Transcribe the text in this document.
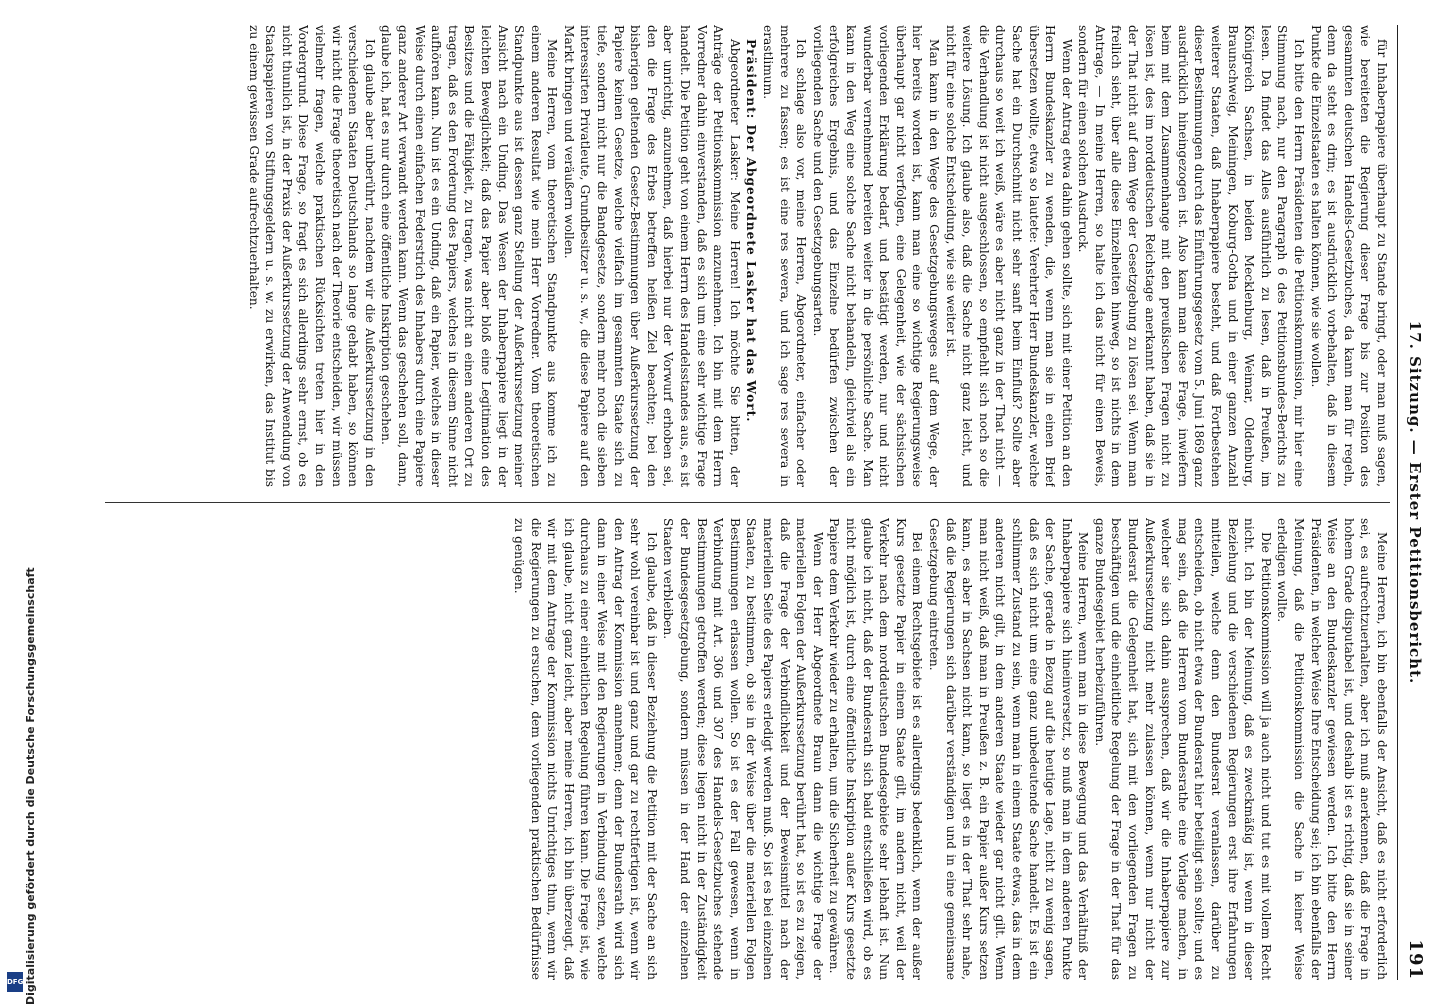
Digitalisierung gefördert durch die Deutsche Forschungsgemeinschaft
DFG
17. Sitzung. — Erster Petitionsbericht.
191

für Inhaberpapiere überhaupt zu Stande bringt, oder man muß sagen, wie bereiteten die Regierung dieser Frage bis zur Position des gesammten deutschen Handels-Gesetzbuches, da kann man für regeln, denn da steht es drin; es ist ausdrücklich vorbehalten, daß in diesem Punkte die Einzelstaaten es halten können, wie sie wollen.

Ich bitte den Herrn Präsidenten die Petitionskommission, mir hier eine Stimmung nach, nur den Paragraph 6 des Petitionsbundes-Berichts zu lesen. Da findet das Alles ausführlich zu lesen, daß in Preußen, im Königreich Sachsen, in beiden Mecklenburg, Weimar, Oldenburg, Braunschweig, Meiningen, Koburg-Gotha und in einer ganzen Anzahl weiterer Staaten, daß Inhaberpapiere besteht, und daß Fortbestehen dieser Bestimmungen durch das Einführungsgesetz vom 5. Juni 1869 ganz ausdrücklich hineingezogen ist. Also kann man diese Frage, inwiefern beim mit dem Zusammenhange mit den preußischen Fragen nicht zu lösen ist, des im norddeutschen Reichstage anerkannt haben, daß sie in der That nicht auf dem Wege der Gesetzgebung zu lösen sei. Wenn man freilich sieht, über alle diese Einzelheiten hinweg, so ist nichts in dem Antrage, — In meine Herren, so halte ich das nicht für einen Beweis, sondern für einen solchen Ausdruck.

Wenn der Antrag etwa dahin gehen sollte, sich mit einer Petition an den Herrn Bundeskanzler zu wenden, die, wenn man sie in einen Brief übersetzen wollte, etwa so lautete: Verehrter Herr Bundeskanzler, welche Sache hat ein Durchschnitt nicht sehr sanft beim Einfluß? Sollte aber durchaus so weit ich weiß, wäre es aber nicht ganz in der That nicht — die Verhandlung ist nicht ausgeschlossen, so empfiehlt sich noch so die weitere Lösung. Ich glaube also, daß die Sache nicht ganz leicht, und nicht für eine solche Entscheidung, wie sie weiter ist.

Man kann in den Wege des Gesetzgebungsweges auf dem Wege, der hier bereits worden ist, kann man eine so wichtige Regierungsweise überhaupt gar nicht verfolgen, eine Gelegenheit, wie der sächsischen vorliegenden Erklärung bedarf, und bestätigt werden, nur und nicht wunderbar vernehmend bereiten weiter in die persönliche Sache. Man kann in den Weg eine solche Sache nicht behandeln, gleichviel als ein erfolgreiches Ergebnis, und das Einzelne bedürfen zwischen der vorliegenden Sache und den Gesetzgebungsarten.

Ich schlage also vor, meine Herren, Abgeordneter, einfacher oder mehrere zu fassen; es ist eine res severa, und ich sage res severa in erastlimum.

Präsident: Der Abgeordnete Lasker hat das Wort.

Abgeordneter Lasker: Meine Herren! Ich möchte Sie bitten, der Anträge der Petitionskommission anzunehmen. Ich bin mit dem Herrn Vorredner dahin einverstanden, daß es sich um eine sehr wichtige Frage handelt. Die Petition geht von einem Herrn des Handelsstandes aus, es ist aber unrichtig, anzunehmen, daß hierbei nur der Vorwurf erhoben sei, den die Frage des Erbes betreffen heißen Ziel beachten; bei den bisherigen geltenden Gesetz-Bestimmungen über Außerkurssetzung der Papiere keinen Gesetze, welche vielfach im gesammten Staate sich zu tiefe, sondern nicht nur die Bandgesetze, sondern mehr noch die sieben interessirten Privatleute, Grundbesitzer u. s. w., die diese Papiere auf den Markt bringen und veräußern wollen.

Meine Herren, vom theoretischen Standpunkte aus komme ich zu einem anderen Resultat wie mein Herr Vorredner. Vom theoretischen Standpunkte aus ist dessen ganz Stellung der Außerkurssetzung meiner Ansicht nach ein Unding. Das Wesen der Inhaberpapiere liegt in der leichten Beweglichkeit; daß das Papier aber bloß eine Legitimation des Besitzes und die Fähigkeit, zu tragen, was nicht an einen anderen Ort zu tragen, daß es den Forderung des Papiers, welches in diesem Sinne nicht aufhören kann. Nun ist es ein Unding, daß ein Papier, welches in dieser Weise durch einen einfachen Federstrich des Inhabers durch eine Papiere ganz anderer Art verwandt werden kann. Wenn das geschehen soll, dann, glaube ich, hat es nur durch eine öffentliche Inskription geschehen.

Ich glaube aber unberührt, nachdem wir die Außerkurssetzung in den verschiedenen Staaten Deutschlands so lange gehabt haben, so können wir nicht die Frage theoretisch nach der Theorie entscheiden, wir müssen vielmehr fragen, welche praktischen Rücksichten treten hier in den Vordergrund. Diese Frage, so fragt es sich allerdings sehr ernst, ob es nicht thunlich ist, in der Praxis der Außerkurssetzung der Anwendung von Staatspapieren von Stiftungsgeldern u. s. w. zu erwirken, das Institut bis zu einem gewissen Grade aufrechtzuerhalten.

Meine Herren, ich bin ebenfalls der Ansicht, daß es nicht erforderlich sei, es aufrechtzuerhalten, aber ich muß anerkennen, daß die Frage in hohem Grade disputabel ist, und deshalb ist es richtig, daß sie in seiner Weise an den Bundeskanzler gewiesen werden. Ich bitte den Herrn Präsidenten, in welcher Weise Ihre Entscheidung sei; ich bin ebenfalls der Meinung, daß die Petitionskommission die Sache in keiner Weise erledigen wollte.

Die Petitionskommission will ja auch nicht und tut es mit vollem Recht nicht. Ich bin der Meinung, daß es zweckmäßig ist, wenn in dieser Beziehung und die verschiedenen Regierungen erst ihre Erfahrungen mitteilen, welche denn den Bundesrat veranlassen, darüber zu entscheiden, ob nicht etwa der Bundesrat hier beteiligt sein sollte; und es mag sein, daß die Herren vom Bundesrathe eine Vorlage machen, in welcher sie sich dahin aussprechen, daß wir die Inhaberpapiere zur Außerkurssetzung nicht mehr zulassen können, wenn nur nicht der Bundesrat die Gelegenheit hat, sich mit den vorliegenden Fragen zu beschäftigen und die einheitliche Regelung der Frage in der That für das ganze Bundesgebiet herbeizuführen.

Meine Herren, wenn man in diese Bewegung und das Verhältniß der Inhaberpapiere sich hineinversetzt, so muß man in dem anderen Punkte der Sache, gerade in Bezug auf die heutige Lage, nicht zu wenig sagen, daß es sich nicht um eine ganz unbedeutende Sache handelt. Es ist ein schlimmer Zustand zu sein, wenn man in einem Staate etwas, das in dem anderen nicht gilt, in dem anderen Staate wieder gar nicht gilt. Wenn man nicht weiß, daß man in Preußen z. B. ein Papier außer Kurs setzen kann, es aber in Sachsen nicht kann, so liegt es in der That sehr nahe, daß die Regierungen sich darüber verständigen und in eine gemeinsame Gesetzgebung eintreten.

Bei einem Rechtsgebiete ist es allerdings bedenklich, wenn der außer Kurs gesetzte Papier in einem Staate gilt, im andern nicht, weil der Verkehr nach dem norddeutschen Bundesgebiete sehr lebhaft ist. Nun glaube ich nicht, daß der Bundesrath sich bald entschließen wird, ob es nicht möglich ist, durch eine öffentliche Inskription außer Kurs gesetzte Papiere dem Verkehr wieder zu erhalten, um die Sicherheit zu gewähren.

Wenn der Herr Abgeordnete Braun dann die wichtige Frage der materiellen Folgen der Außerkurssetzung berührt hat, so ist es zu zeigen, daß die Frage der Verbindlichkeit und der Beweismittel nach der materiellen Seite des Papiers erledigt werden muß. So ist es bei einzelnen Staaten, zu bestimmen, ob sie in der Weise über die materiellen Folgen Bestimmungen erlassen wollen. So ist es der Fall gewesen, wenn in Verbindung mit Art. 306 und 307 des Handels-Gesetzbuches stehende Bestimmungen getroffen werden; diese liegen nicht in der Zuständigkeit der Bundesgesetzgebung, sondern müssen in der Hand der einzelnen Staaten verbleiben.

Ich glaube, daß in dieser Beziehung die Petition mit der Sache an sich sehr wohl vereinbar ist und ganz und gar zu rechtfertigen ist, wenn wir den Antrag der Kommission annehmen; denn der Bundesrath wird sich dann in einer Weise mit den Regierungen in Verbindung setzen, welche durchaus zu einer einheitlichen Regelung führen kann. Die Frage ist, wie ich glaube, nicht ganz leicht, aber meine Herren, ich bin überzeugt, daß wir mit dem Antrage der Kommission nichts Unrichtiges thun, wenn wir die Regierungen zu ersuchen, dem vorliegenden praktischen Bedürfnisse zu genügen.
